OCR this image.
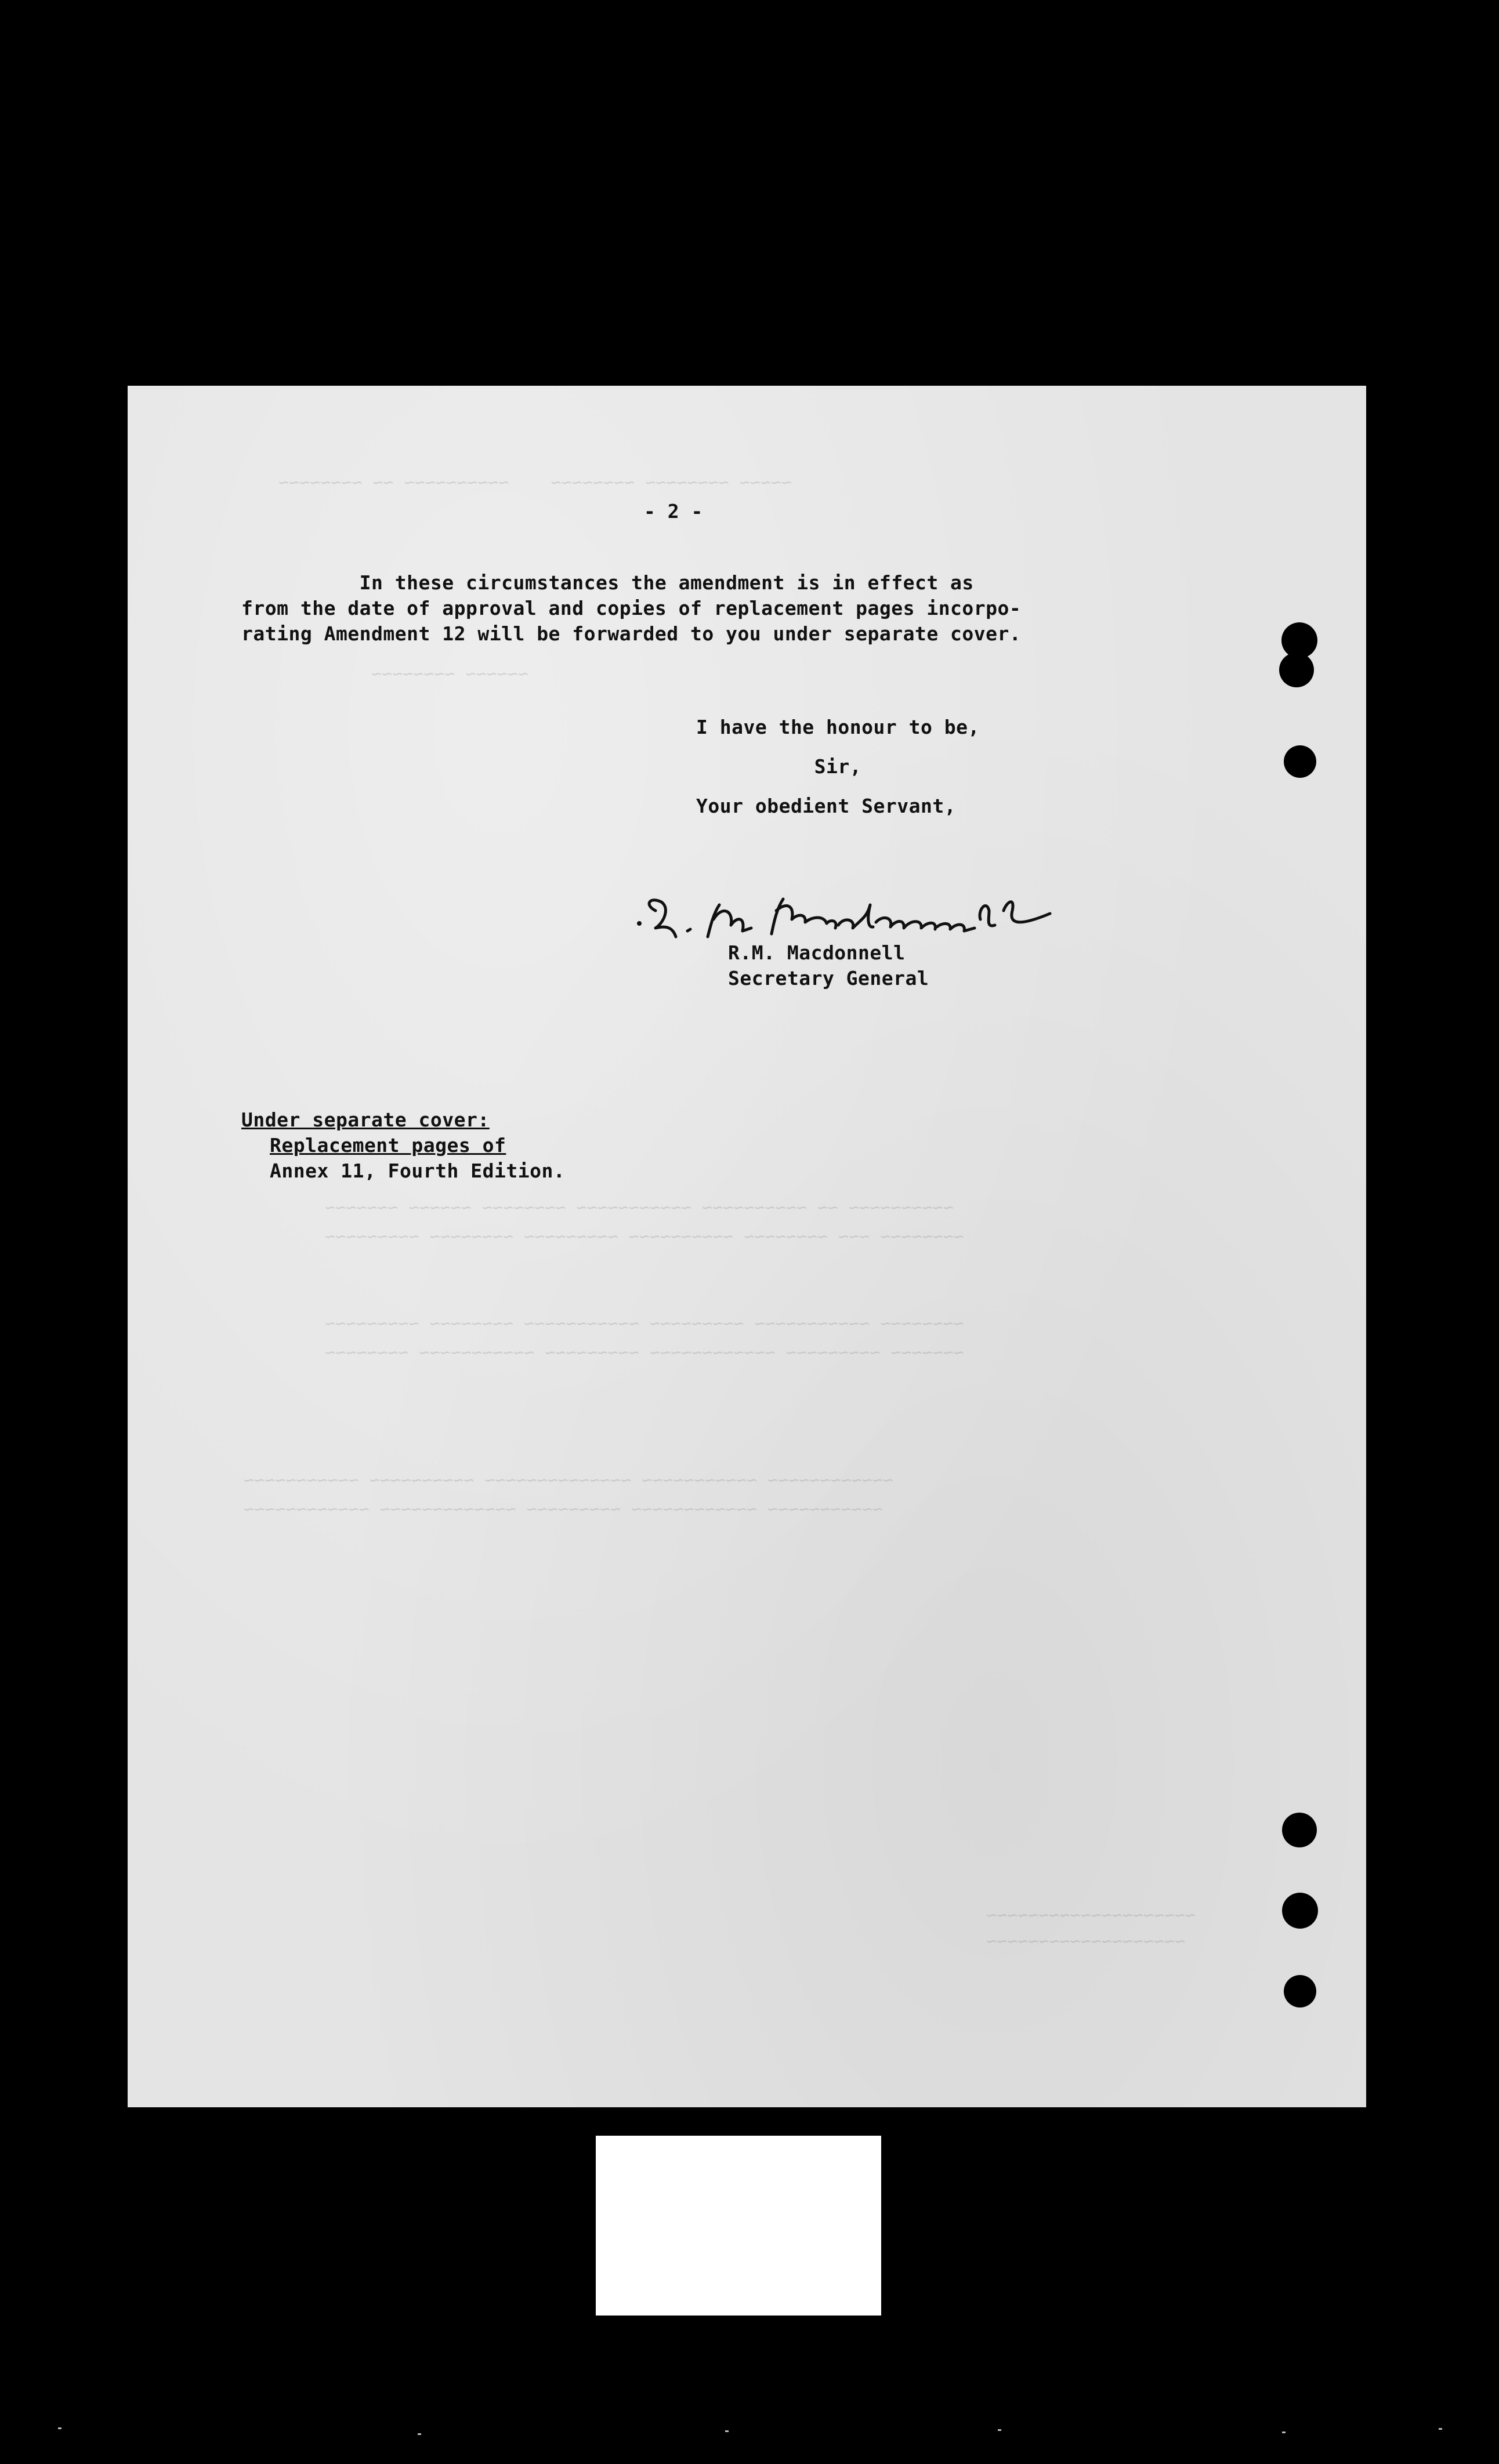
~~~~~ ~~~~~~~~ ~~~~~~~~    ~~~~~~~~~~ ~~ ~~~~~~~~
~~~~~~ ~~~~~~~~
~~~~~~~~~~ ~~ ~~~~~~~~~~ ~~~~~~~~~~~ ~~~~~~~~ ~~~~~~ ~~~~~~~
~~~~~~~~ ~~~ ~~~~~~~~ ~~~~~~~~~~ ~~~~~~~~~ ~~~~~~~~ ~~~~~~~~~
~~~~~~~~ ~~~~~~~~~~~ ~~~~~~~~~ ~~~~~~~~~~~ ~~~~~~~~ ~~~~~~~~~
~~~~~~~ ~~~~~~~~~ ~~~~~~~~~~~~ ~~~~~~~~~ ~~~~~~~~~~~ ~~~~~~~~
~~~~~~~~~~~~ ~~~~~~~~~~~ ~~~~~~~~~~~~~~ ~~~~~~~~~~ ~~~~~~~~~~~
~~~~~~~~~~~ ~~~~~~~~~~~~ ~~~~~~~~~ ~~~~~~~~~~~~~ ~~~~~~~~~~~~
~~~~~~~~~~~~~~~~~~~~
~~~~~~~~~~~~~~~~~~~
- 2 -
In these circumstances the amendment is in effect as
from the date of approval and copies of replacement pages incorpo-
rating Amendment 12 will be forwarded to you under separate cover.
I have the honour to be,
Sir,
Your obedient Servant,
R.M. Macdonnell
Secretary General
Under separate cover:
Replacement pages of
Annex 11, Fourth Edition.
